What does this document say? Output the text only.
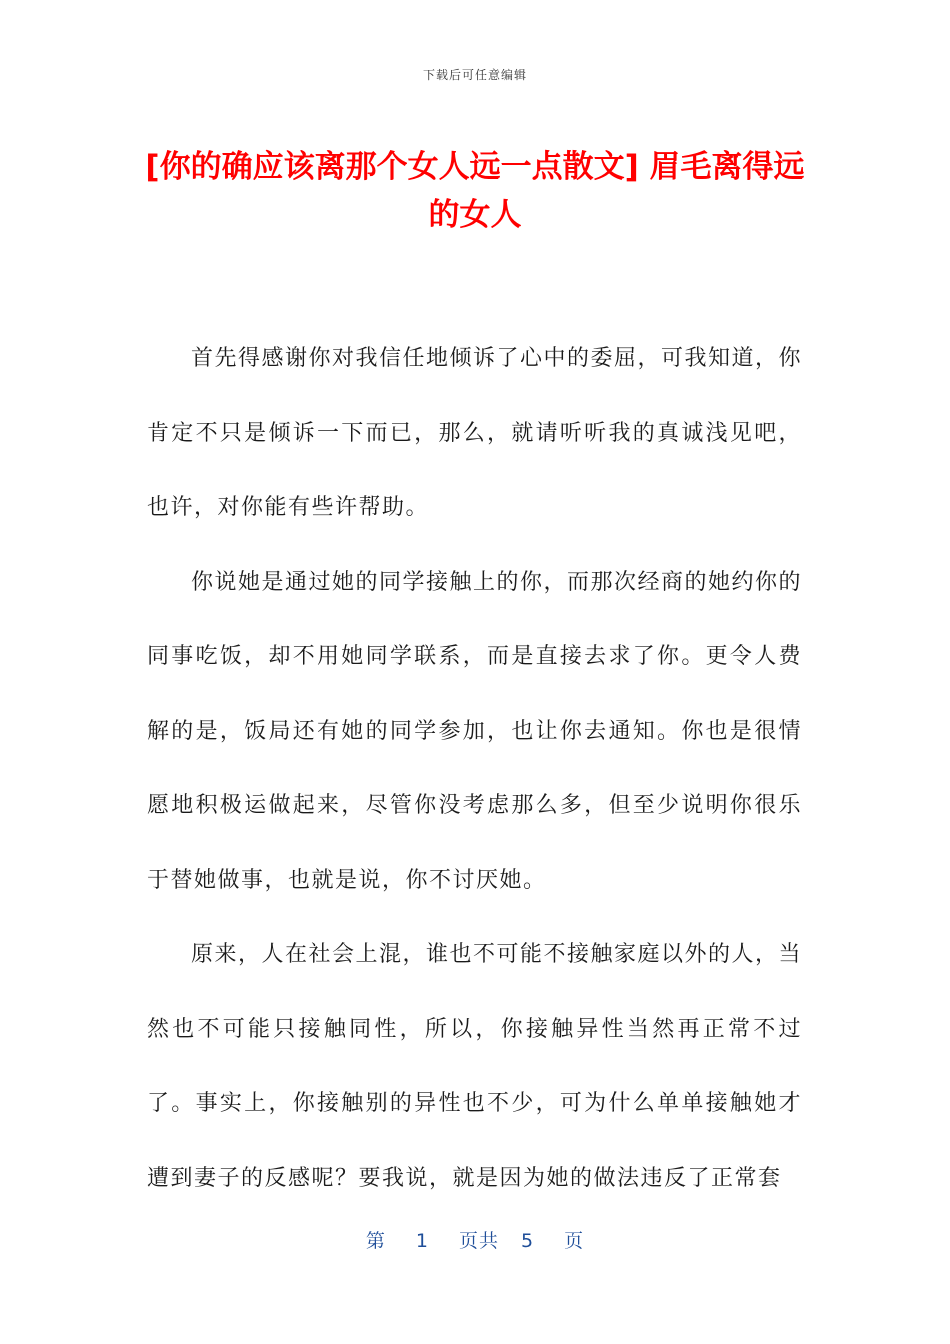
下载后可任意编辑
[你的确应该离那个女人远一点散文] 眉毛离得远的女人

首先得感谢你对我信任地倾诉了心中的委屈，可我知道，你肯定不只是倾诉一下而已，那么，就请听听我的真诚浅见吧，也许，对你能有些许帮助。

你说她是通过她的同学接触上的你，而那次经商的她约你的同事吃饭，却不用她同学联系，而是直接去求了你。更令人费解的是，饭局还有她的同学参加，也让你去通知。你也是很情愿地积极运做起来，尽管你没考虑那么多，但至少说明你很乐于替她做事，也就是说，你不讨厌她。

原来，人在社会上混，谁也不可能不接触家庭以外的人，当然也不可能只接触同性，所以，你接触异性当然再正常不过了。事实上，你接触别的异性也不少，可为什么单单接触她才遭到妻子的反感呢？要我说，就是因为她的做法违反了正常套

第 1 页共 5 页
